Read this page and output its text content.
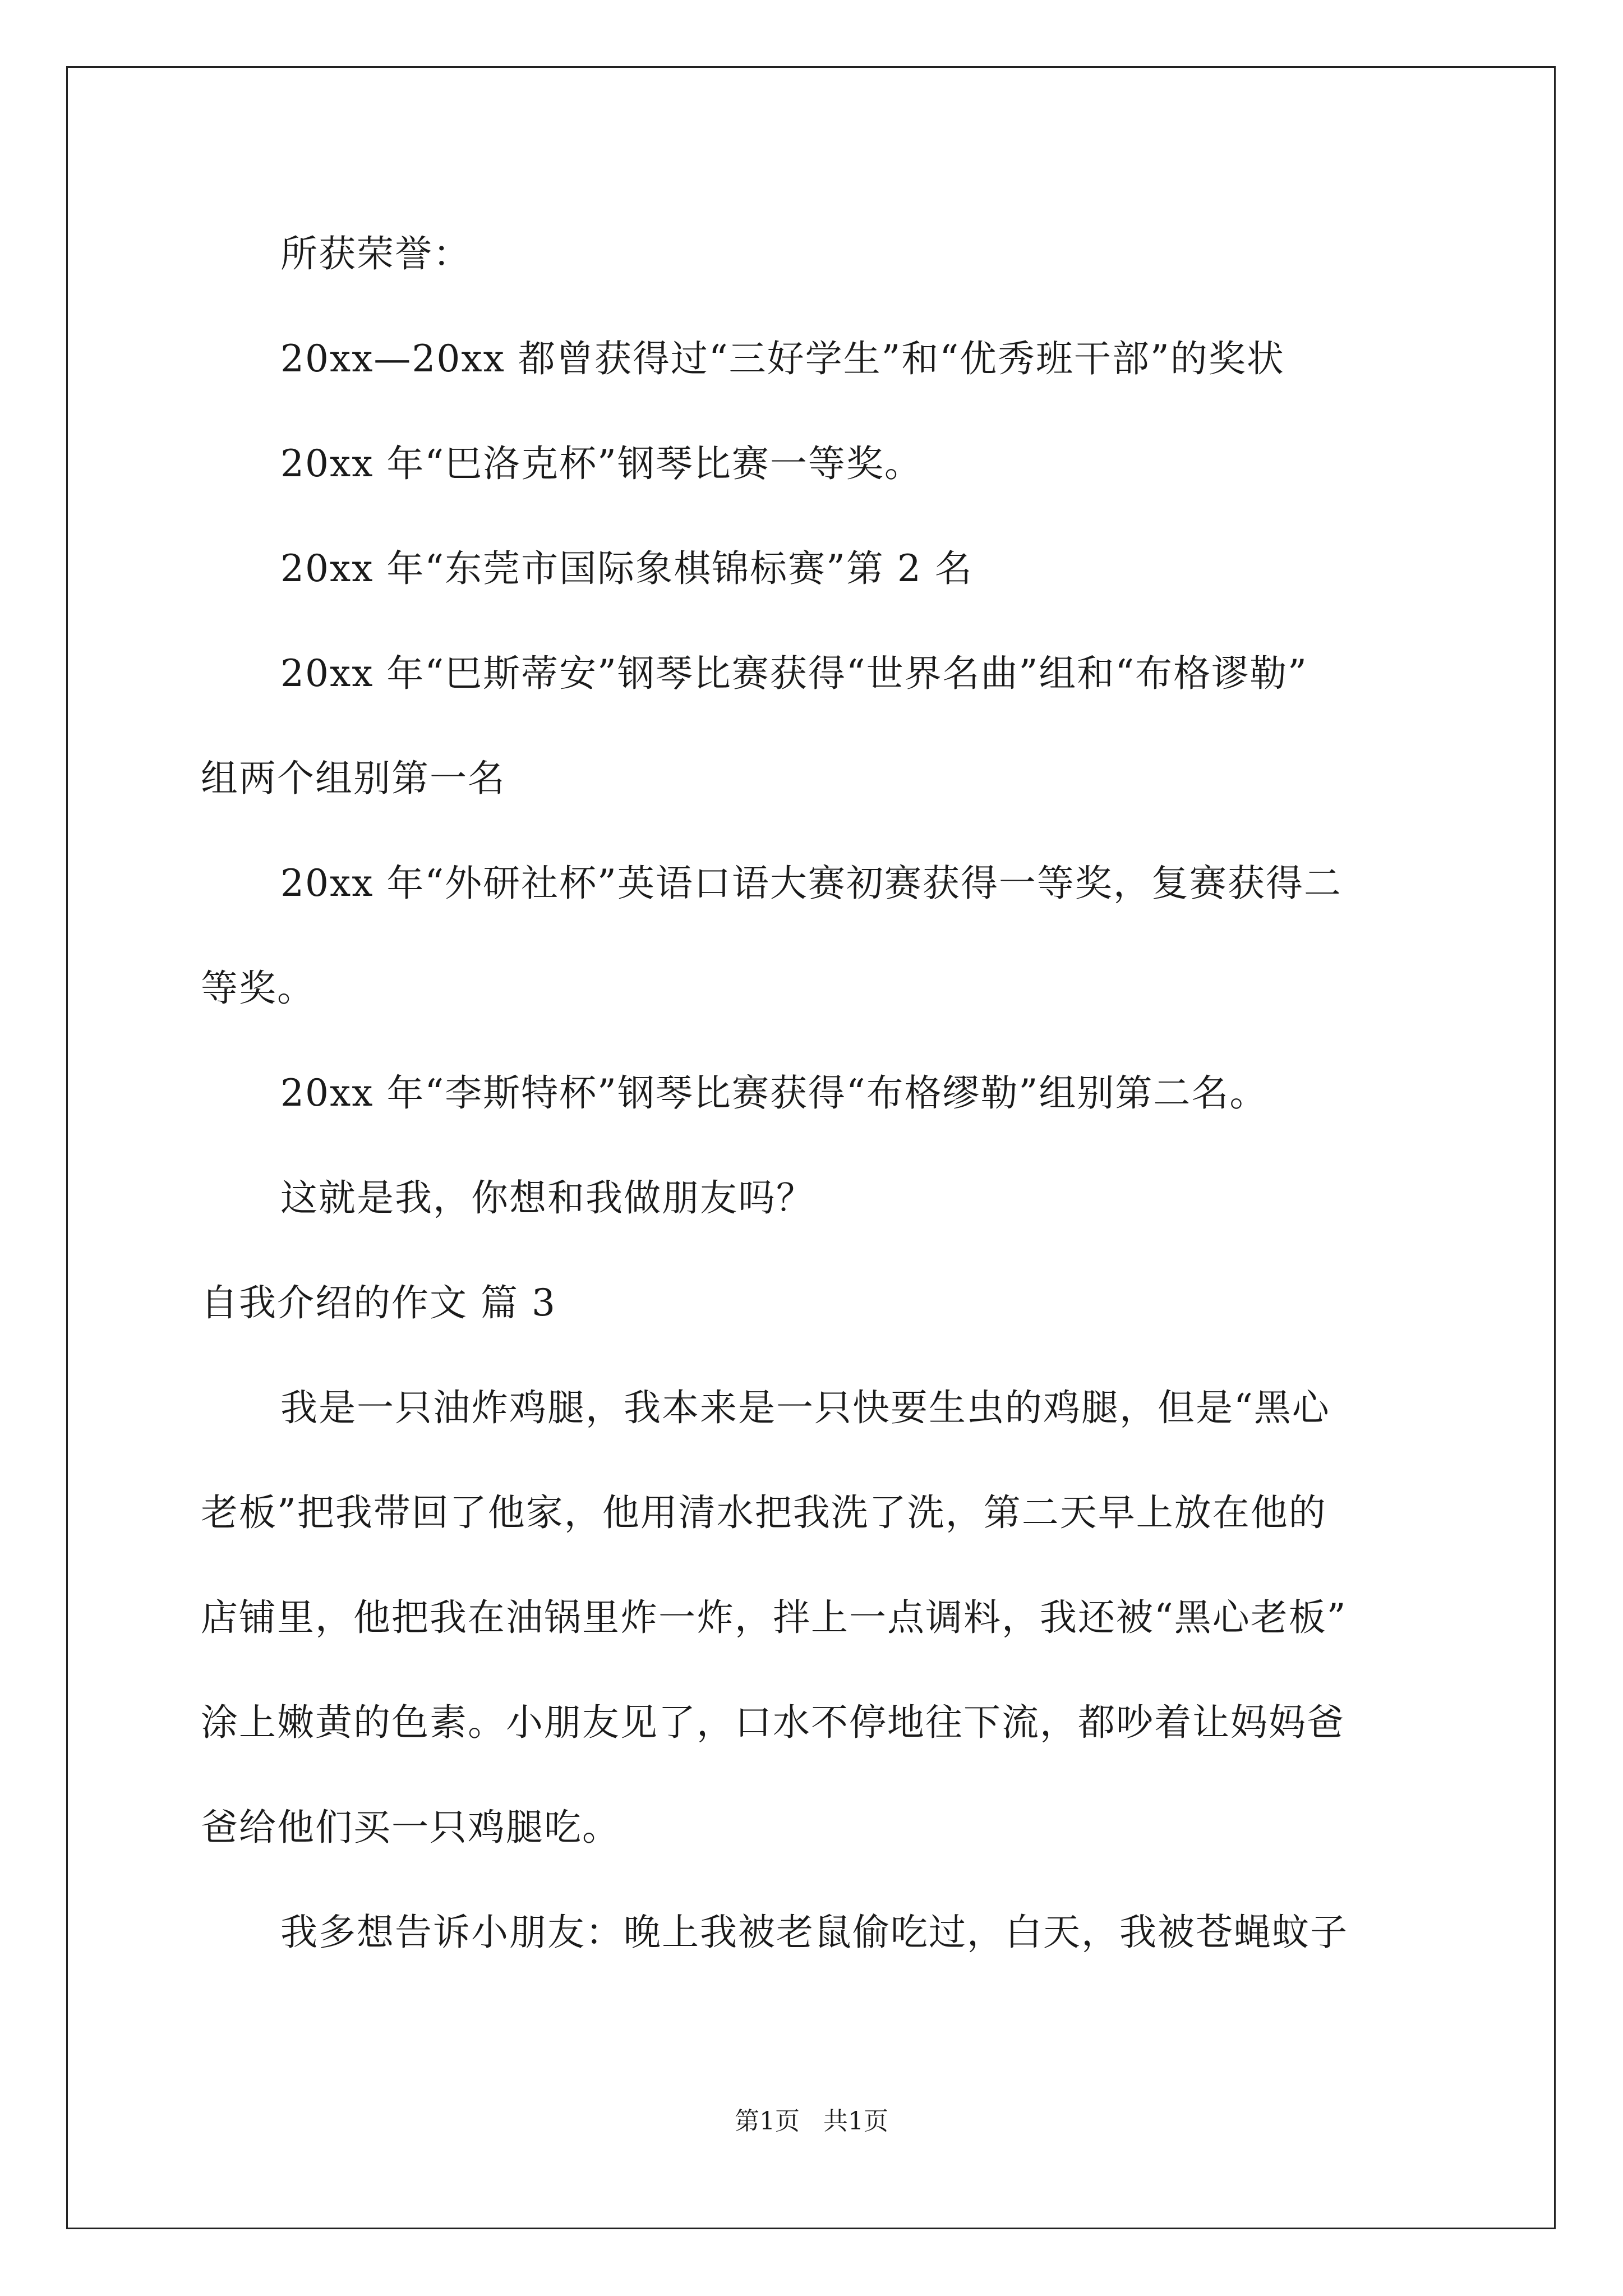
所获荣誉：
20xx—20xx 都曾获得过“三好学生”和“优秀班干部”的奖状
20xx 年“巴洛克杯”钢琴比赛一等奖。
20xx 年“东莞市国际象棋锦标赛”第 2 名
20xx 年“巴斯蒂安”钢琴比赛获得“世界名曲”组和“布格谬勒”
组两个组别第一名
20xx 年“外研社杯”英语口语大赛初赛获得一等奖，复赛获得二
等奖。
20xx 年“李斯特杯”钢琴比赛获得“布格缪勒”组别第二名。
这就是我，你想和我做朋友吗？
自我介绍的作文 篇 3
我是一只油炸鸡腿，我本来是一只快要生虫的鸡腿，但是“黑心
老板”把我带回了他家，他用清水把我洗了洗，第二天早上放在他的
店铺里，他把我在油锅里炸一炸，拌上一点调料，我还被“黑心老板”
涂上嫩黄的色素。小朋友见了，口水不停地往下流，都吵着让妈妈爸
爸给他们买一只鸡腿吃。
我多想告诉小朋友：晚上我被老鼠偷吃过，白天，我被苍蝇蚊子
第1页   共1页
